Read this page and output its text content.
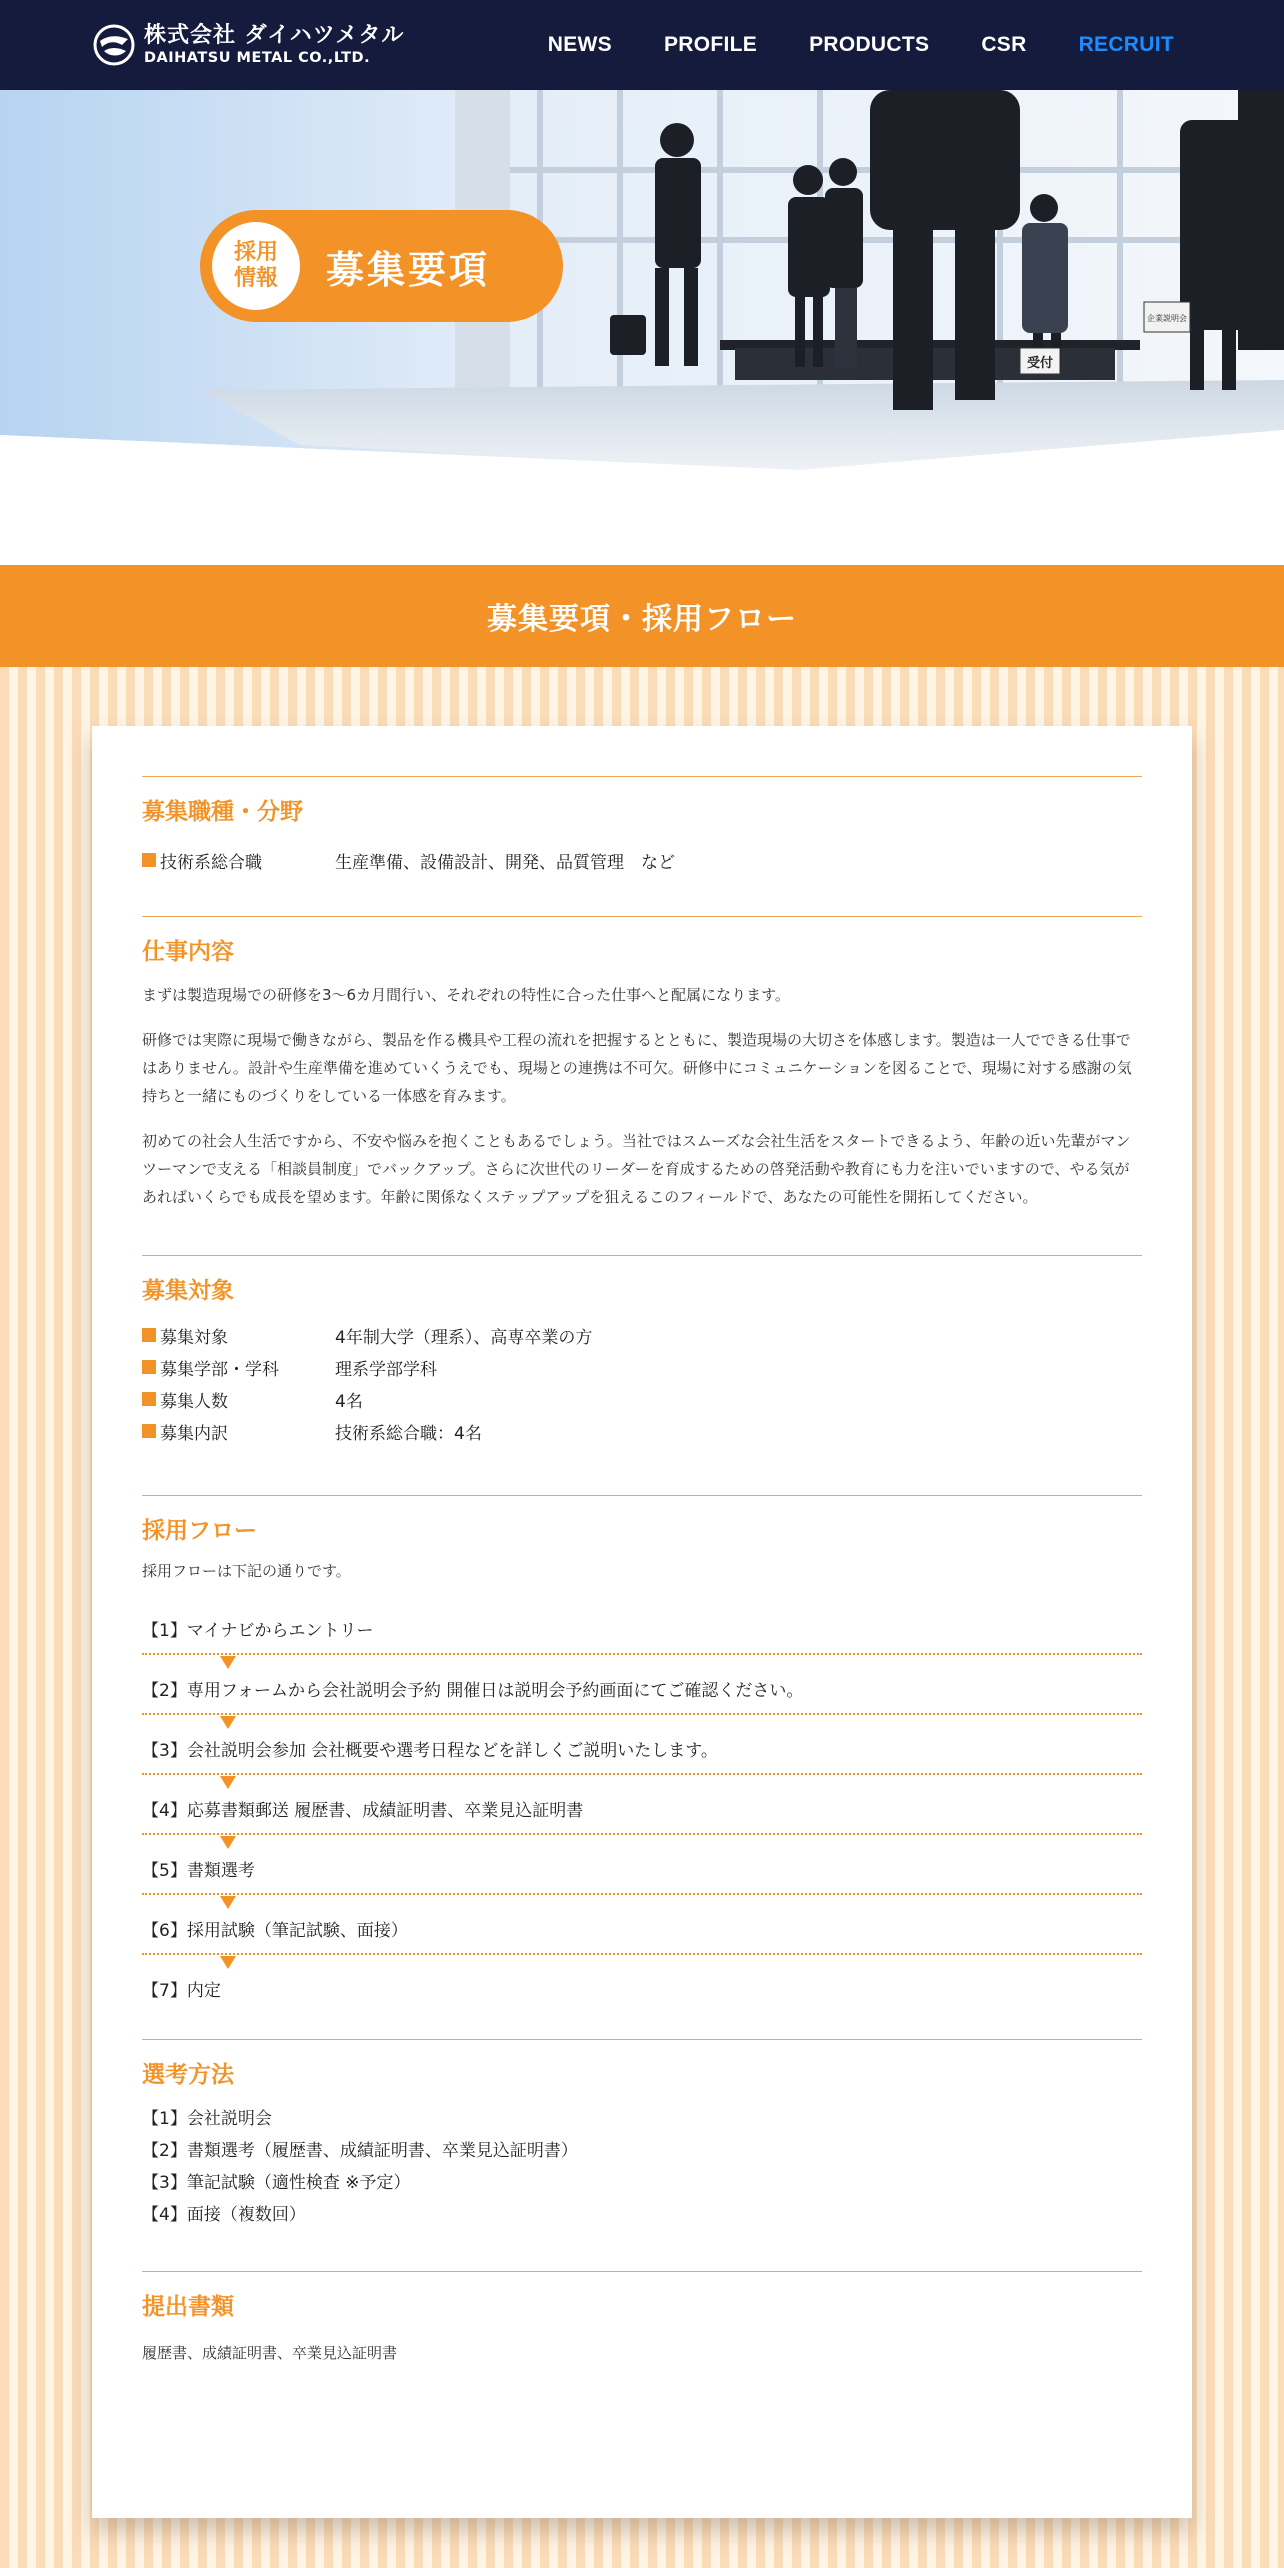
株式会社 ダイハツメタル
DAIHATSU METAL CO.,LTD.
NEWS PROFILE PRODUCTS CSR RECRUIT
受付
企業説明会
採用
情報 募集要項
募集要項・採用フロー
募集職種・分野
技術系総合職	生産準備、設備設計、開発、品質管理　など
仕事内容

まずは製造現場での研修を3～6カ月間行い、それぞれの特性に合った仕事へと配属になります。

研修では実際に現場で働きながら、製品を作る機具や工程の流れを把握するとともに、製造現場の大切さを体感します。製造は一人でできる仕事ではありません。設計や生産準備を進めていくうえでも、現場との連携は不可欠。研修中にコミュニケーションを図ることで、現場に対する感謝の気持ちと一緒にものづくりをしている一体感を育みます。

初めての社会人生活ですから、不安や悩みを抱くこともあるでしょう。当社ではスムーズな会社生活をスタートできるよう、年齢の近い先輩がマンツーマンで支える「相談員制度」でバックアップ。さらに次世代のリーダーを育成するための啓発活動や教育にも力を注いでいますので、やる気があればいくらでも成長を望めます。年齢に関係なくステップアップを狙えるこのフィールドで、あなたの可能性を開拓してください。

募集対象
募集対象	4年制大学（理系）、高専卒業の方
募集学部・学科	理系学部学科
募集人数	4名
募集内訳	技術系総合職：4名
採用フロー

採用フローは下記の通りです。

【1】マイナビからエントリー
【2】専用フォームから会社説明会予約 開催日は説明会予約画面にてご確認ください。
【3】会社説明会参加 会社概要や選考日程などを詳しくご説明いたします。
【4】応募書類郵送 履歴書、成績証明書、卒業見込証明書
【5】書類選考
【6】採用試験（筆記試験、面接）
【7】内定
選考方法
【1】会社説明会
【2】書類選考（履歴書、成績証明書、卒業見込証明書）
【3】筆記試験（適性検査 ※予定）
【4】面接（複数回）
提出書類

履歴書、成績証明書、卒業見込証明書
